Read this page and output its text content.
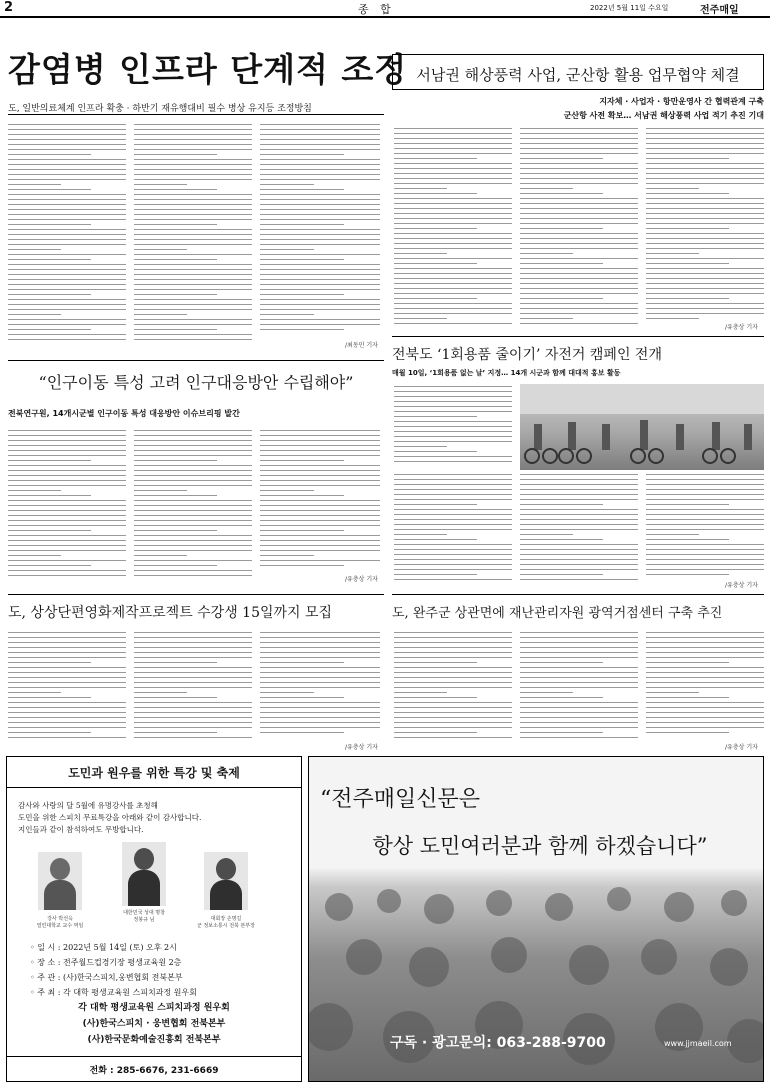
2	종 합	2022년 5월 11일 수요일	전주매일
감염병 인프라 단계적 조정
도, 일반의료체계 인프라 확충 · 하반기 재유행대비 필수 병상 유지등 조정방침
/최동민 기자
서남권 해상풍력 사업, 군산항 활용 업무협약 체결
지자체 · 사업자 · 항만운영사 간 협력관계 구축
군산항 사전 확보… 서남권 해상풍력 사업 적기 추진 기대
/유충상 기자
“인구이동 특성 고려 인구대응방안 수립해야”
전북연구원, 14개시군별 인구이동 특성 대응방안 이슈브리핑 발간
/유충상 기자
전북도 ‘1회용품 줄이기’ 자전거 캠페인 전개
매월 10일, ‘1회용품 없는 날’ 지정… 14개 시군과 함께 대대적 홍보 활동
/유충상 기자
도, 상상단편영화제작프로젝트 수강생 15일까지 모집
/유충상 기자
도, 완주군 상관면에 재난관리자원 광역거점센터 구축 추진
/유충상 기자
도민과 원우를 위한 특강 및 축제
감사와 사랑의 달 5월에 유명강사를 초청해
도민을 위한 스피치 무료특강을 아래와 같이 감사합니다.
지인들과 같이 참석하여도 무방합니다.
강사 박선옥
열린대학교 교수 역임
대한민국 성대 명창
정봉규 님	대회장 손명길
군 정보소통시 전북 본부장
◦ 일 시 : 2022년 5월 14일 (토) 오후 2시
◦ 장 소 : 전주월드컵경기장 평생교육원 2층
◦ 주 관 : (사)한국스피치,웅변협회 전북본부
◦ 주 최 : 각 대학 평생교육원 스피치과정 원우회
각 대학 평생교육원 스피치과정 원우회
(사)한국스피치 · 웅변협회 전북본부
(사)한국문화예술진흥회 전북본부
전화 : 285-6676, 231-6669
“전주매일신문은
항상 도민여러분과 함께 하겠습니다”
구독 · 광고문의: 063-288-9700	www.jjmaeil.com
